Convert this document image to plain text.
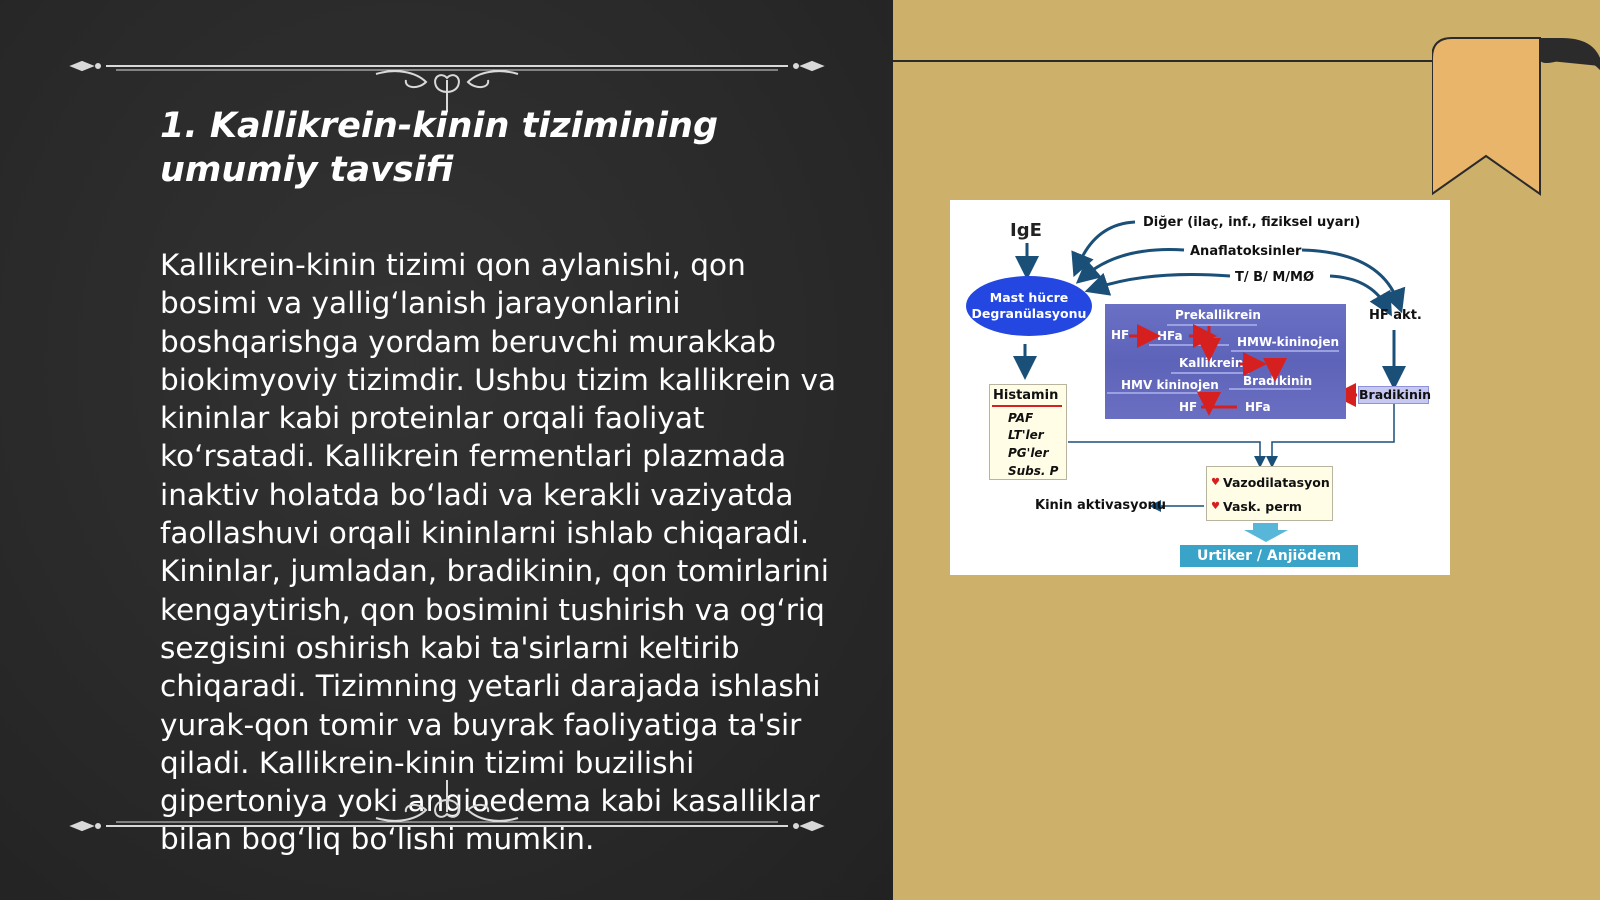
1. Kallikrein-kinin tizimining umumiy tavsifi

Kallikrein-kinin tizimi qon aylanishi, qon bosimi va yallig‘lanish jarayonlarini boshqarishga yordam beruvchi murakkab biokimyoviy tizimdir. Ushbu tizim kallikrein va kininlar kabi proteinlar orqali faoliyat ko‘rsatadi. Kallikrein fermentlari plazmada inaktiv holatda bo‘ladi va kerakli vaziyatda faollashuvi orqali kininlarni ishlab chiqaradi. Kininlar, jumladan, bradikinin, qon tomirlarini kengaytirish, qon bosimini tushirish va og‘riq sezgisini oshirish kabi ta'sirlarni keltirib chiqaradi. Tizimning yetarli darajada ishlashi yurak-qon tomir va buyrak faoliyatiga ta'sir qiladi. Kallikrein-kinin tizimi buzilishi gipertoniya yoki angioedema kabi kasalliklar bilan bog‘liq bo‘lishi mumkin.

IgE	Diğer (ilaç, inf., fiziksel uyarı)
Anaflatoksinler
T/ B/ M/MØ
HF akt.
Mast hücre
Degranülasyonu	Prekallikrein
HF HFa	HMW-kininojen
Kallikrein
HMV kininojen Bradikinin
HF	HFa
Histamin
PAF
LT'ler
PG'ler
Subs. P
Bradikinin
♥ Vazodilatasyon
♥ Vask. perm
Kinin aktivasyonu
Urtiker / Anjiödem
